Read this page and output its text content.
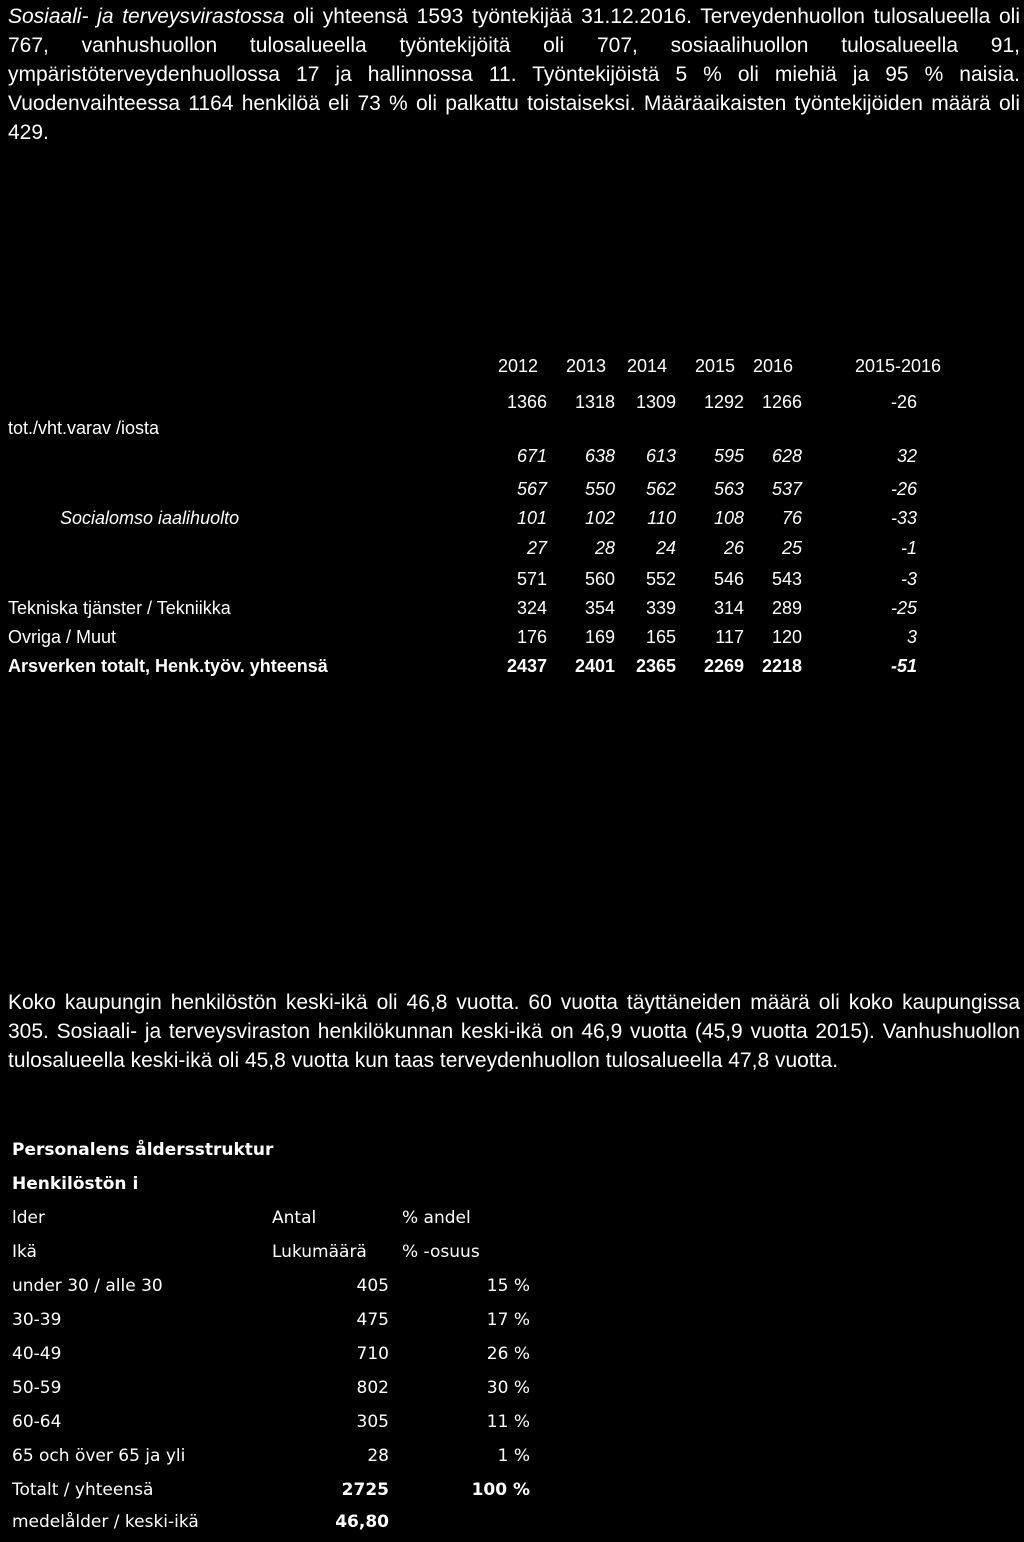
Sosiaali- ja terveysvirastossa oli yhteensä 1593 työntekijää 31.12.2016. Terveydenhuollon tulosalueella oli 767, vanhushuollon tulosalueella työntekijöitä oli 707, sosiaalihuollon tulosalueella 91, ympäristöterveydenhuollossa 17 ja hallinnossa 11. Työntekijöistä 5 % oli miehiä ja 95 % naisia. Vuodenvaihteessa 1164 henkilöä eli 73 % oli palkattu toistaiseksi. Määräaikaisten työntekijöiden määrä oli 429.

2012	2013	2014	2015 2016	2015-2016
1366	1318	1309	1292 1266	-26
tot./vht.varav /iosta
671	638	613	595	628	32
567	550	562	563	537	-26
Socialomso iaalihuolto	101	102	110	108	76	-33
27	28	24	26	25	-1
571	560	552	546	543	-3
Tekniska tjänster / Tekniikka	324	354	339	314	289	-25
Ovriga / Muut	176	169	165	117	120	3
Arsverken totalt, Henk.työv. yhteensä	2437	2401	2365	2269 2218	-51

Koko kaupungin henkilöstön keski-ikä oli 46,8 vuotta. 60 vuotta täyttäneiden määrä oli koko kaupungissa 305. Sosiaali- ja terveysviraston henkilökunnan keski-ikä on 46,9 vuotta (45,9 vuotta 2015). Vanhushuollon tulosalueella keski-ikä oli 45,8 vuotta kun taas terveydenhuollon tulosalueella 47,8 vuotta.

Personalens åldersstruktur
Henkilöstön i
lder	Antal	% andel
Ikä	Lukumäärä	% -osuus
under 30 / alle 30	405	15 %
30-39	475	17 %
40-49	710	26 %
50-59	802	30 %
60-64	305	11 %
65 och över 65 ja yli	28	1 %
Totalt / yhteensä	2725	100 %
medelålder / keski-ikä	46,80
